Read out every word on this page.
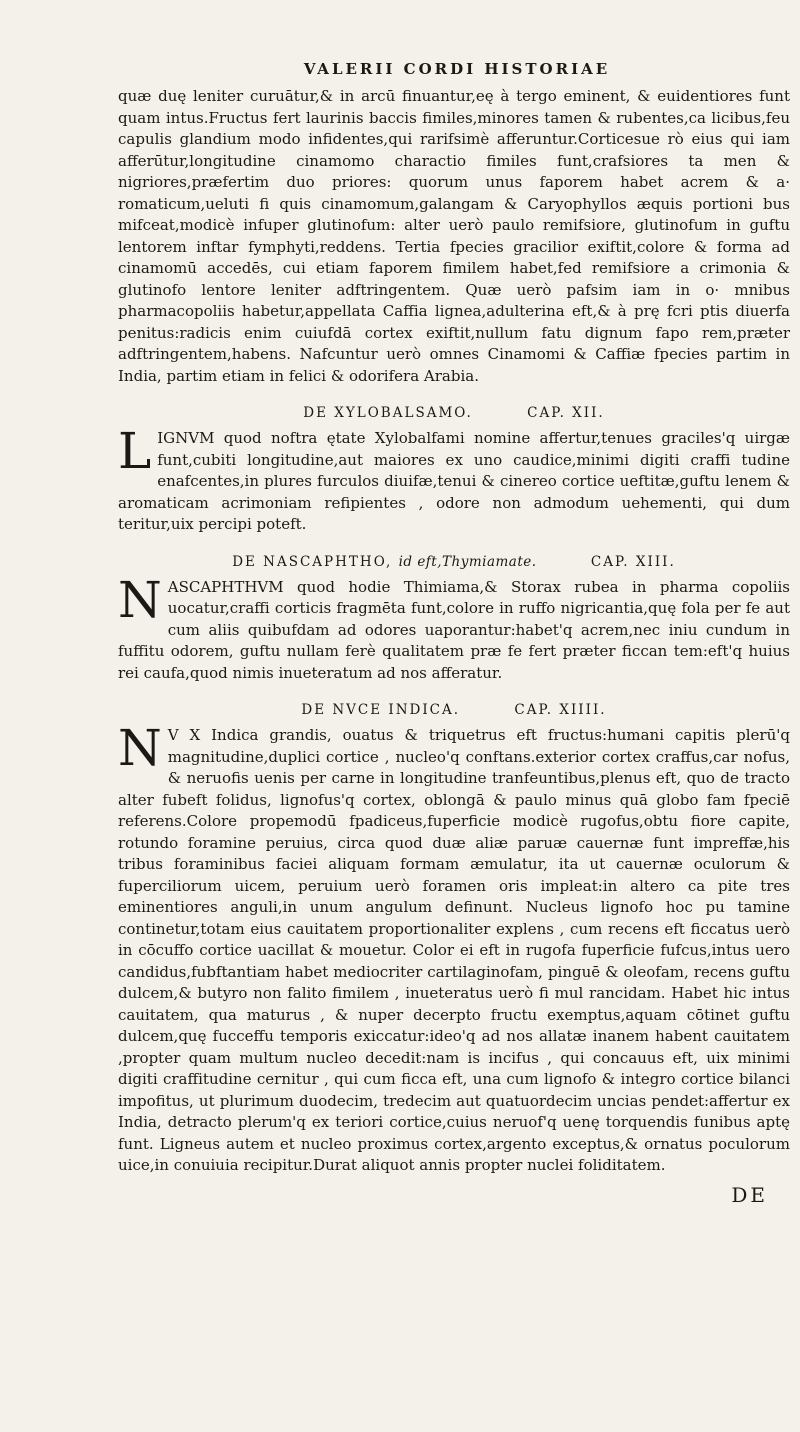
VALERII CORDI HISTORIAE

quæ duę leniter curuātur,& in arcū finuantur,eę à tergo eminent, & euidentiores funt quam intus.Fructus fert laurinis baccis fimiles,minores tamen & rubentes,ca licibus,feu capulis glandium modo infidentes,qui rarifsimè afferuntur.Corticesue rò eius qui iam afferūtur,longitudine cinamomo charactio fimiles funt,crafsiores ta men & nigriores,præfertim duo priores: quorum unus faporem habet acrem & a· romaticum,ueluti fi quis cinamomum,galangam & Caryophyllos æquis portioni bus mifceat,modicè infuper glutinofum: alter uerò paulo remifsiore, glutinofum in guftu lentorem inftar fymphyti,reddens. Tertia fpecies gracilior exiftit,colore & forma ad cinamomū accedēs, cui etiam faporem fimilem habet,fed remifsiore a crimonia & glutinofo lentore leniter adftringentem. Quæ uerò pafsim iam in o· mnibus pharmacopoliis habetur,appellata Caffia lignea,adulterina eft,& à prę fcri ptis diuerfa penitus:radicis enim cuiufdā cortex exiftit,nullum fatu dignum fapo rem,præter adftringentem,habens. Nafcuntur uerò omnes Cinamomi & Caffiæ fpecies partim in India, partim etiam in felici & odorifera Arabia.

DE XYLOBALSAMO.	CAP. XII.

LIGNVM quod noftra ętate Xylobalfami nomine affertur,tenues graciles'q uirgæ funt,cubiti longitudine,aut maiores ex uno caudice,minimi digiti craffi tudine enafcentes,in plures furculos diuifæ,tenui & cinereo cortice ueftitæ,guftu lenem & aromaticam acrimoniam refipientes , odore non admodum uehementi, qui dum teritur,uix percipi poteft.

DE NASCAPHTHO, id eft,Thymiamate.	CAP. XIII.

NASCAPHTHVM quod hodie Thimiama,& Storax rubea in pharma copoliis uocatur,craffi corticis fragmēta funt,colore in ruffo nigricantia,quę fola per fe aut cum aliis quibufdam ad odores uaporantur:habet'q acrem,nec iniu cundum in fuffitu odorem, guftu nullam ferè qualitatem præ fe fert præter ficcan tem:eft'q huius rei caufa,quod nimis inueteratum ad nos afferatur.

DE NVCE INDICA.	CAP. XIIII.

N V X Indica grandis, ouatus & triquetrus eft fructus:humani capitis plerū'q magnitudine,duplici cortice , nucleo'q conftans.exterior cortex craffus,car nofus, & neruofis uenis per carne in longitudine tranfeuntibus,plenus eft, quo de tracto alter fubeft folidus, lignofus'q cortex, oblongā & paulo minus quā globo fam fpeciē referens.Colore propemodū fpadiceus,fuperficie modicè rugofus,obtu fiore capite, rotundo foramine peruius, circa quod duæ aliæ paruæ cauernæ funt impreffæ,his tribus foraminibus faciei aliquam formam æmulatur, ita ut cauernæ oculorum & fuperciliorum uicem, peruium uerò foramen oris impleat:in altero ca pite tres eminentiores anguli,in unum angulum definunt. Nucleus lignofo hoc pu tamine continetur,totam eius cauitatem proportionaliter explens , cum recens eft ficcatus uerò in cōcuffo cortice uacillat & mouetur. Color ei eft in rugofa fuperficie fufcus,intus uero candidus,fubftantiam habet mediocriter cartilaginofam, pinguē & oleofam, recens guftu dulcem,& butyro non falito fimilem , inueteratus uerò fi mul rancidam. Habet hic intus cauitatem, qua maturus , & nuper decerpto fructu exemptus,aquam cōtinet guftu dulcem,quę fucceffu temporis exiccatur:ideo'q ad nos allatæ inanem habent cauitatem ,propter quam multum nucleo decedit:nam is incifus , qui concauus eft, uix minimi digiti craffitudine cernitur , qui cum ficca eft, una cum lignofo & integro cortice bilanci impofitus, ut plurimum duodecim, tredecim aut quatuordecim uncias pendet:affertur ex India, detracto plerum'q ex teriori cortice,cuius neruof'q uenę torquendis funibus aptę funt. Ligneus autem et nucleo proximus cortex,argento exceptus,& ornatus poculorum uice,in conuiuia recipitur.Durat aliquot annis propter nuclei foliditatem.

DE
